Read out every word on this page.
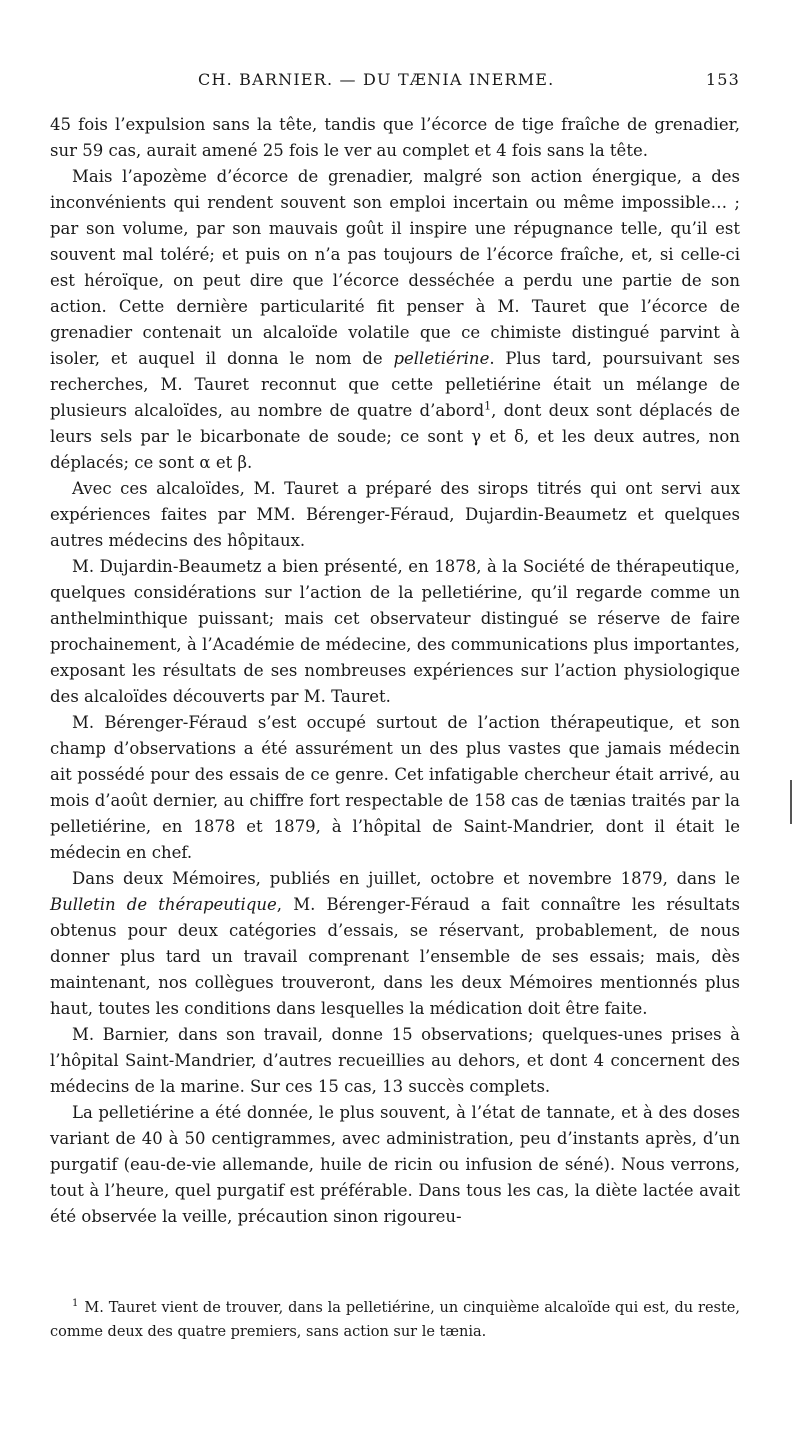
CH. BARNIER. — DU TÆNIA INERME.	153

45 fois l’expulsion sans la tête, tandis que l’écorce de tige fraîche de grenadier, sur 59 cas, aurait amené 25 fois le ver au complet et 4 fois sans la tête.

Mais l’apozème d’écorce de grenadier, malgré son action énergique, a des inconvénients qui rendent souvent son emploi incertain ou même impossible… ; par son volume, par son mauvais goût il inspire une répugnance telle, qu’il est souvent mal toléré; et puis on n’a pas toujours de l’écorce fraîche, et, si celle-ci est héroïque, on peut dire que l’écorce desséchée a perdu une partie de son action. Cette dernière particularité fit penser à M. Tauret que l’écorce de grenadier contenait un alcaloïde volatile que ce chimiste distingué parvint à isoler, et auquel il donna le nom de pelletiérine. Plus tard, poursuivant ses recherches, M. Tauret reconnut que cette pelletiérine était un mélange de plusieurs alcaloïdes, au nombre de quatre d’abord$^1$, dont deux sont déplacés de leurs sels par le bicarbonate de soude; ce sont γ et δ, et les deux autres, non déplacés; ce sont α et β.

Avec ces alcaloïdes, M. Tauret a préparé des sirops titrés qui ont servi aux expériences faites par MM. Bérenger-Féraud, Dujardin-Beaumetz et quelques autres médecins des hôpitaux.

M. Dujardin-Beaumetz a bien présenté, en 1878, à la Société de thérapeutique, quelques considérations sur l’action de la pelletiérine, qu’il regarde comme un anthelminthique puissant; mais cet observateur distingué se réserve de faire prochainement, à l’Académie de médecine, des communications plus importantes, exposant les résultats de ses nombreuses expériences sur l’action physiologique des alcaloïdes découverts par M. Tauret.

M. Bérenger-Féraud s’est occupé surtout de l’action thérapeutique, et son champ d’observations a été assurément un des plus vastes que jamais médecin ait possédé pour des essais de ce genre. Cet infatigable chercheur était arrivé, au mois d’août dernier, au chiffre fort respectable de 158 cas de tænias traités par la pelletiérine, en 1878 et 1879, à l’hôpital de Saint-Mandrier, dont il était le médecin en chef.

Dans deux Mémoires, publiés en juillet, octobre et novembre 1879, dans le Bulletin de thérapeutique, M. Bérenger-Féraud a fait connaître les résultats obtenus pour deux catégories d’essais, se réservant, probablement, de nous donner plus tard un travail comprenant l’ensemble de ses essais; mais, dès maintenant, nos collègues trouveront, dans les deux Mémoires mentionnés plus haut, toutes les conditions dans lesquelles la médication doit être faite.

M. Barnier, dans son travail, donne 15 observations; quelques-unes prises à l’hôpital Saint-Mandrier, d’autres recueillies au dehors, et dont 4 concernent des médecins de la marine. Sur ces 15 cas, 13 succès complets.

La pelletiérine a été donnée, le plus souvent, à l’état de tannate, et à des doses variant de 40 à 50 centigrammes, avec administration, peu d’instants après, d’un purgatif (eau-de-vie allemande, huile de ricin ou infusion de séné). Nous verrons, tout à l’heure, quel purgatif est préférable. Dans tous les cas, la diète lactée avait été observée la veille, précaution sinon rigoureu-

$^1$ M. Tauret vient de trouver, dans la pelletiérine, un cinquième alcaloïde qui est, du reste, comme deux des quatre premiers, sans action sur le tænia.
